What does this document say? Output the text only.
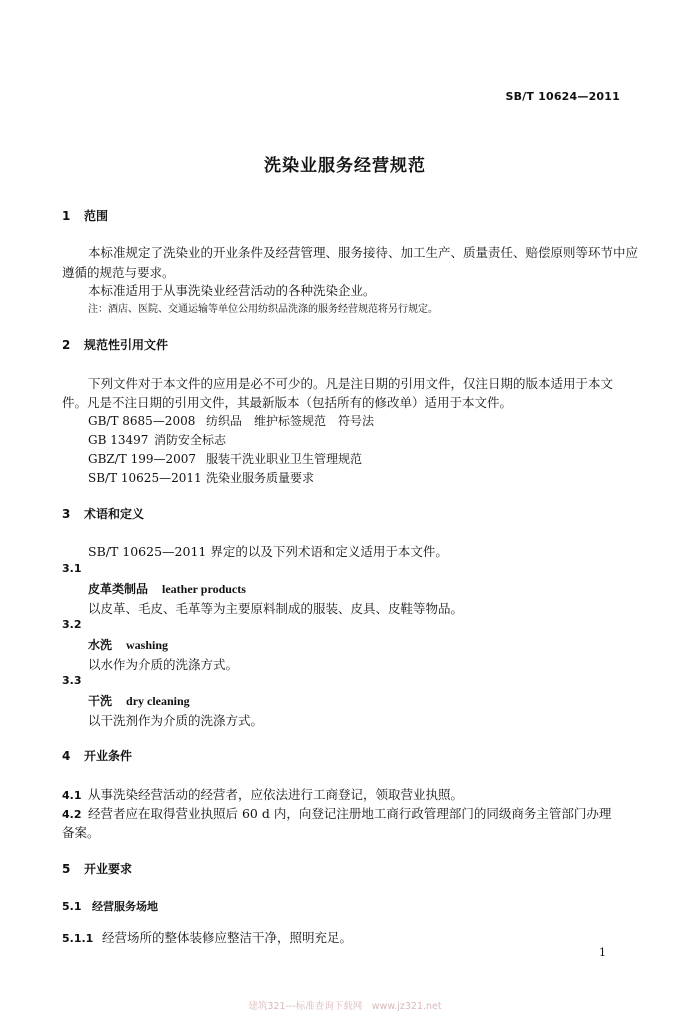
SB/T 10624—2011
洗染业服务经营规范
1 范围
本标准规定了洗染业的开业条件及经营管理、服务接待、加工生产、质量责任、赔偿原则等环节中应
遵循的规范与要求。
本标准适用于从事洗染业经营活动的各种洗染企业。
注：酒店、医院、交通运输等单位公用纺织品洗涤的服务经营规范将另行规定。
2 规范性引用文件
下列文件对于本文件的应用是必不可少的。凡是注日期的引用文件，仅注日期的版本适用于本文
件。凡是不注日期的引用文件，其最新版本（包括所有的修改单）适用于本文件。
GB/T 8685—2008 纺织品　维护标签规范　符号法
GB 13497 消防安全标志
GBZ/T 199—2007 服装干洗业职业卫生管理规范
SB/T 10625—2011 洗染业服务质量要求
3 术语和定义
SB/T 10625—2011 界定的以及下列术语和定义适用于本文件。
3.1
皮革类制品 leather products
以皮革、毛皮、毛革等为主要原料制成的服装、皮具、皮鞋等物品。
3.2
水洗 washing
以水作为介质的洗涤方式。
3.3
干洗 dry cleaning
以干洗剂作为介质的洗涤方式。
4 开业条件
4.1 从事洗染经营活动的经营者，应依法进行工商登记，领取营业执照。
4.2 经营者应在取得营业执照后 60 d 内，向登记注册地工商行政管理部门的同级商务主管部门办理
备案。
5 开业要求
5.1 经营服务场地
5.1.1 经营场所的整体装修应整洁干净，照明充足。
1
建筑321---标准查询下载网　www.jz321.net
